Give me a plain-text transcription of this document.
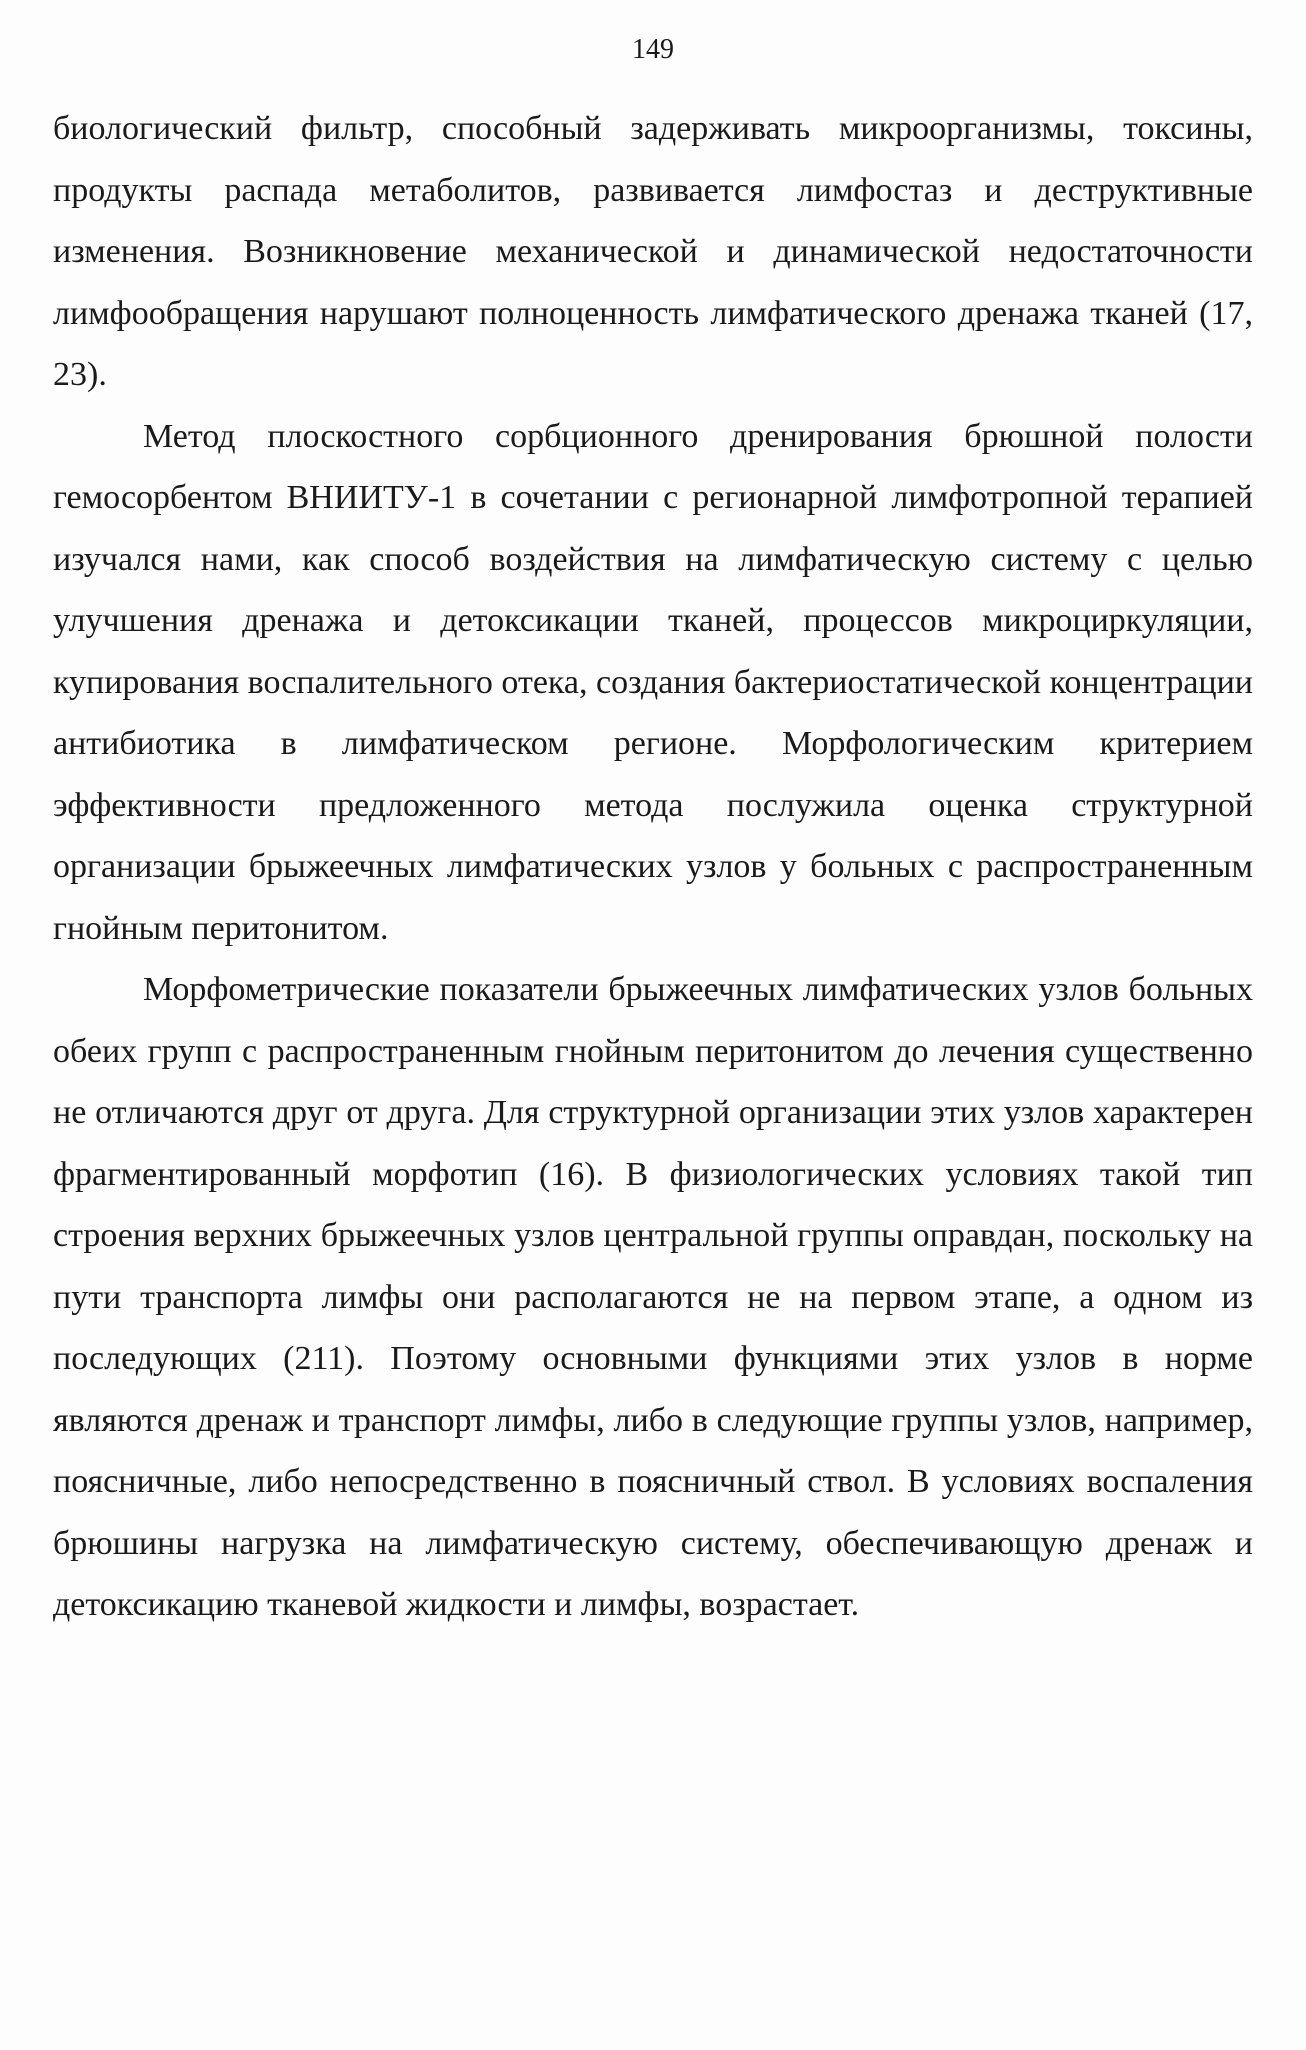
149

биологический фильтр, способный задерживать микроорганизмы, токсины, продукты распада метаболитов, развивается лимфостаз и деструктивные изменения. Возникновение механической и динамической недостаточности лимфообращения нарушают полноценность лимфатического дренажа тканей (17, 23).

Метод плоскостного сорбционного дренирования брюшной полости гемосорбентом ВНИИТУ-1 в сочетании с регионарной лимфотропной терапией изучался нами, как способ воздействия на лимфатическую систему с целью улучшения дренажа и детоксикации тканей, процессов микроциркуляции, купирования воспалительного отека, создания бактериостатической концентрации антибиотика в лимфатическом регионе. Морфологическим критерием эффективности предложенного метода послужила оценка структурной организации брыжеечных лимфатических узлов у больных с распространенным гнойным перитонитом.

Морфометрические показатели брыжеечных лимфатических узлов больных обеих групп с распространенным гнойным перитонитом до лечения существенно не отличаются друг от друга. Для структурной организации этих узлов характерен фрагментированный морфотип (16). В физиологических условиях такой тип строения верхних брыжеечных узлов центральной группы оправдан, поскольку на пути транспорта лимфы они располагаются не на первом этапе, а одном из последующих (211). Поэтому основными функциями этих узлов в норме являются дренаж и транспорт лимфы, либо в следующие группы узлов, например, поясничные, либо непосредственно в поясничный ствол. В условиях воспаления брюшины нагрузка на лимфатическую систему, обеспечивающую дренаж и детоксикацию тканевой жидкости и лимфы, возрастает.
